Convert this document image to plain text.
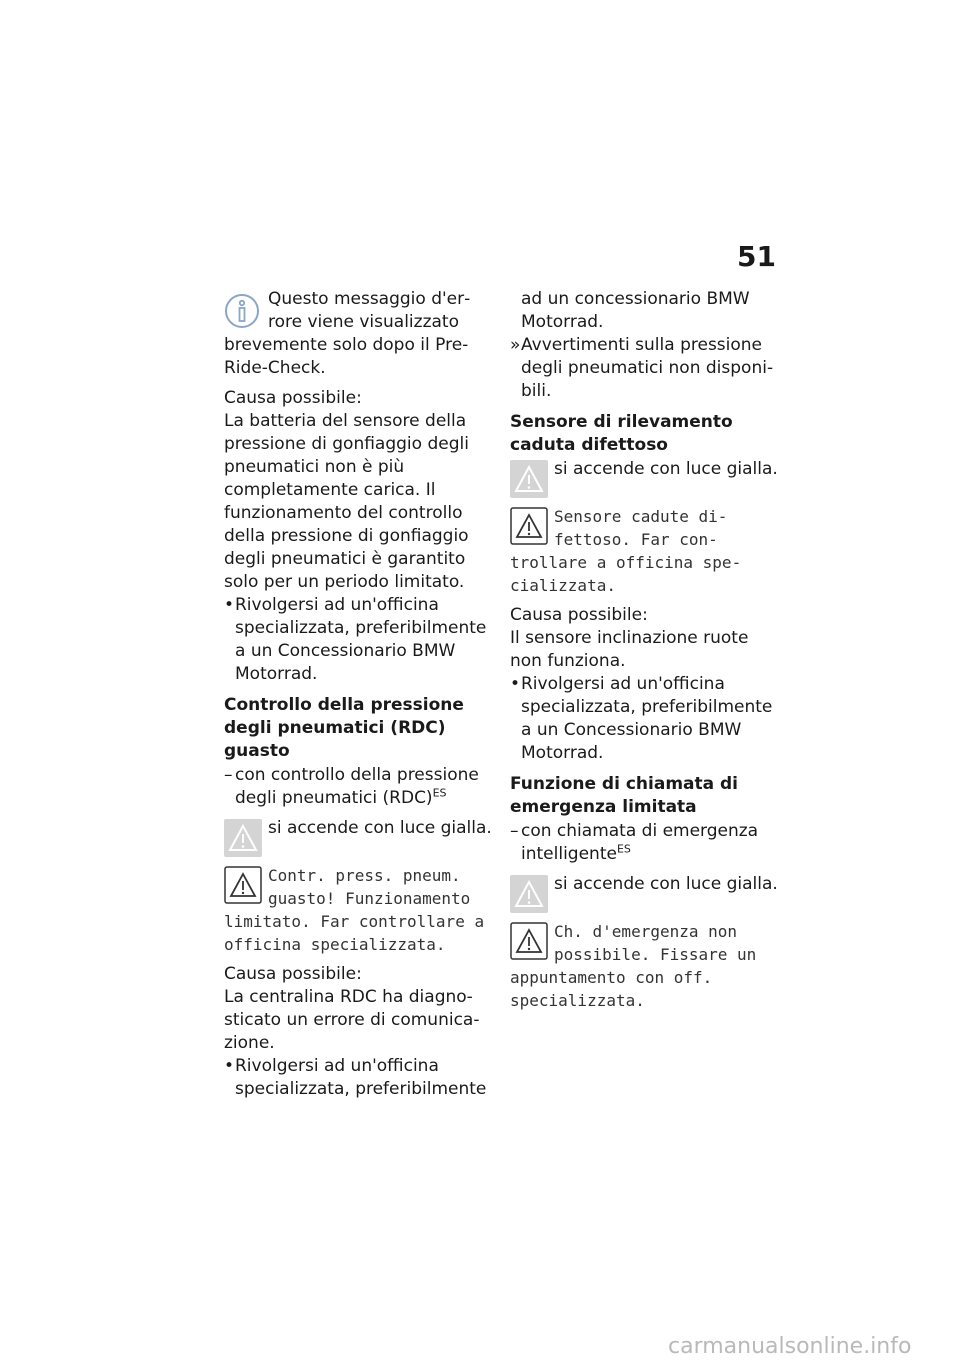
51
Questo messaggio d'errore viene visualizzato brevemente solo dopo il Pre-Ride-Check.

Causa possibile:

La batteria del sensore della pressione di gonfiaggio degli pneumatici non è più completamente carica. Il funzionamento del controllo della pressione di gonfiaggio degli pneumatici è garantito solo per un periodo limitato.

• Rivolgersi ad un'officina specializzata, preferibilmente a un Concessionario BMW Motorrad.

Controllo della pressione degli pneumatici (RDC) guasto

– con controllo della pressione degli pneumatici (RDC)$^{ES}$
si accende con luce gialla.
Contr. press. pneum. guasto! Funzionamento limitato. Far controllare a officina specializzata.

Causa possibile:

La centralina RDC ha diagnosticato un errore di comunicazione.

• Rivolgersi ad un'officina specializzata, preferibilmente

ad un concessionario BMW Motorrad.

» Avvertimenti sulla pressione degli pneumatici non disponibili.

Sensore di rilevamento caduta difettoso

si accende con luce gialla.
Sensore cadute difettoso. Far controllare a officina specializzata.

Causa possibile:

Il sensore inclinazione ruote non funziona.

• Rivolgersi ad un'officina specializzata, preferibilmente a un Concessionario BMW Motorrad.

Funzione di chiamata di emergenza limitata

– con chiamata di emergenza intelligente$^{ES}$
si accende con luce gialla.
Ch. d'emergenza non possibile. Fissare un appuntamento con off. specializzata.
carmanualsonline.info
